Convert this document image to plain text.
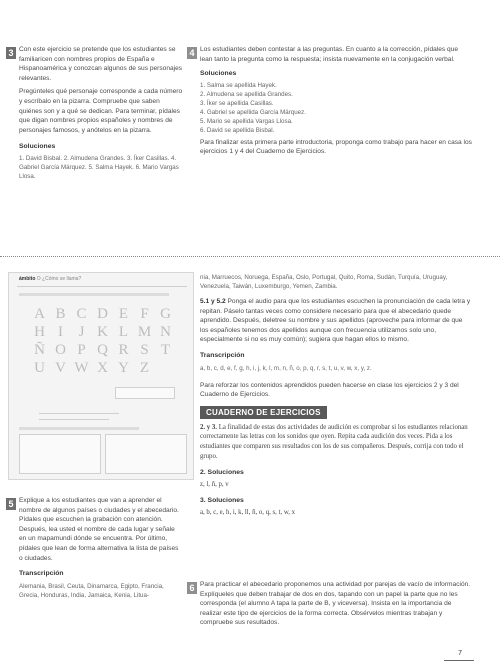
3 Con este ejercicio se pretende que los estudiantes se familiaricen con nombres propios de España e Hispanoamérica y conozcan algunos de sus personajes relevantes.

Pregúnteles qué personaje corresponde a cada número y escríbalo en la pizarra. Compruebe que saben quiénes son y a qué se dedican. Para terminar, pídales que digan nombres propios españoles y nombres de personajes famosos, y anótelos en la pizarra.

Soluciones
1. David Bisbal. 2. Almudena Grandes. 3. Íker Casillas. 4. Gabriel García Márquez. 5. Salma Hayek. 6. Mario Vargas Llosa.
4 Los estudiantes deben contestar a las preguntas. En cuanto a la corrección, pídales que lean tanto la pregunta como la respuesta; insista nuevamente en la conjugación verbal.

Soluciones
1. Salma se apellida Hayek.
2. Almudena se apellida Grandes.
3. Íker se apellida Casillas.
4. Gabriel se apellida García Márquez.
5. Mario se apellida Vargas Llosa.
6. David se apellida Bisbal.

Para finalizar esta primera parte introductoria, proponga como trabajo para hacer en casa los ejercicios 1 y 4 del Cuaderno de Ejercicios.

ámbito O ¿Cómo se llama?
A B C D E F GH I J K L M NÑ O P Q R S TU V W X Y Z
5 Explique a los estudiantes que van a aprender el nombre de algunos países o ciudades y el abecedario. Pídales que escuchen la grabación con atención. Después, lea usted el nombre de cada lugar y señale en un mapamundi dónde se encuentra. Por último, pídales que lean de forma alternativa la lista de países o ciudades.

Transcripción
Alemania, Brasil, Ceuta, Dinamarca, Egipto, Francia, Grecia, Honduras, India, Jamaica, Kenia, Litua-
nia, Marruecos, Noruega, España, Oslo, Portugal, Quito, Roma, Sudán, Turquía, Uruguay, Venezuela, Taiwán, Luxemburgo, Yemen, Zambia.

5.1 y 5.2 Ponga el audio para que los estudiantes escuchen la pronunciación de cada letra y repitan. Páselo tantas veces como considere necesario para que el abecedario quede aprendido. Después, deletree su nombre y sus apellidos (aproveche para informar de que los españoles tenemos dos apellidos aunque con frecuencia utilizamos solo uno, especialmente si no es muy común); sugiera que hagan ellos lo mismo.

Transcripción
a, b, c, d, e, f, g, h, i, j, k, l, m, n, ñ, o, p, q, r, s, t, u, v, w, x, y, z.

Para reforzar los contenidos aprendidos pueden hacerse en clase los ejercicios 2 y 3 del Cuaderno de Ejercicios.

CUADERNO DE EJERCICIOS
2. y 3. La finalidad de estas dos actividades de audición es comprobar si los estudiantes relacionan correctamente las letras con los sonidos que oyen. Repita cada audición dos veces. Pida a los estudiantes que comparen sus resultados con los de sus compañeros. Después, corrija con todo el grupo.
2. Soluciones
z, l, ñ, p, v
3. Soluciones
a, b, c, e, h, i, k, ll, ñ, o, q, s, t, w, x
6 Para practicar el abecedario proponemos una actividad por parejas de vacío de información. Explíqueles que deben trabajar de dos en dos, tapando con un papel la parte que no les corresponda (el alumno A tapa la parte de B, y viceversa). Insista en la importancia de realizar este tipo de ejercicios de la forma correcta. Obsérvelos mientras trabajan y compruebe sus resultados.

7
